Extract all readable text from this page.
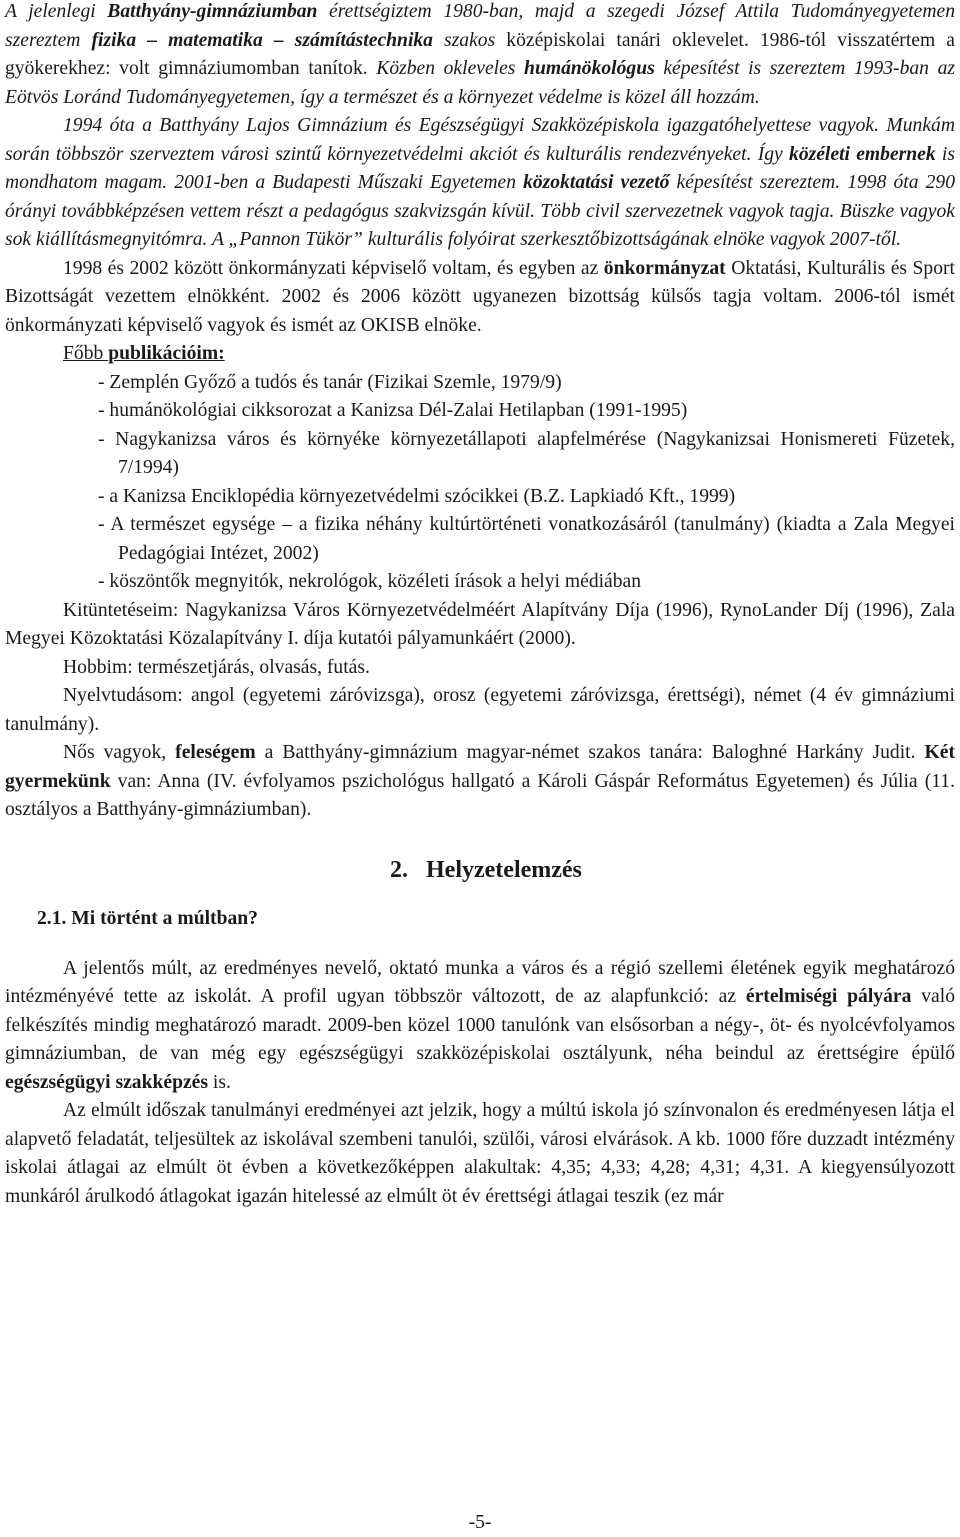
A jelenlegi Batthyány-gimnáziumban érettségiztem 1980-ban, majd a szegedi József Attila Tudományegyetemen szereztem fizika – matematika – számítástechnika szakos középiskolai tanári oklevelet. 1986-tól visszatértem a gyökerekhez: volt gimnáziumomban tanítok. Közben okleveles humánökológus képesítést is szereztem 1993-ban az Eötvös Loránd Tudományegyetemen, így a természet és a környezet védelme is közel áll hozzám.

1994 óta a Batthyány Lajos Gimnázium és Egészségügyi Szakközépiskola igazgatóhelyettese vagyok. Munkám során többször szerveztem városi szintű környezetvédelmi akciót és kulturális rendezvényeket. Így közéleti embernek is mondhatom magam. 2001-ben a Budapesti Műszaki Egyetemen közoktatási vezető képesítést szereztem. 1998 óta 290 órányi továbbképzésen vettem részt a pedagógus szakvizsgán kívül. Több civil szervezetnek vagyok tagja. Büszke vagyok sok kiállításmegnyitómra. A „Pannon Tükör” kulturális folyóirat szerkesztőbizottságának elnöke vagyok 2007-től.

1998 és 2002 között önkormányzati képviselő voltam, és egyben az önkormányzat Oktatási, Kulturális és Sport Bizottságát vezettem elnökként. 2002 és 2006 között ugyanezen bizottság külsős tagja voltam. 2006-tól ismét önkormányzati képviselő vagyok és ismét az OKISB elnöke.

Főbb publikációim:

- Zemplén Győző a tudós és tanár (Fizikai Szemle, 1979/9)
- humánökológiai cikksorozat a Kanizsa Dél-Zalai Hetilapban (1991-1995)
- Nagykanizsa város és környéke környezetállapoti alapfelmérése (Nagykanizsai Honismereti Füzetek, 7/1994)
- a Kanizsa Enciklopédia környezetvédelmi szócikkei (B.Z. Lapkiadó Kft., 1999)
- A természet egysége – a fizika néhány kultúrtörténeti vonatkozásáról (tanulmány) (kiadta a Zala Megyei Pedagógiai Intézet, 2002)
- köszöntők megnyitók, nekrológok, közéleti írások a helyi médiában

Kitüntetéseim: Nagykanizsa Város Környezetvédelméért Alapítvány Díja (1996), RynoLander Díj (1996), Zala Megyei Közoktatási Közalapítvány I. díja kutatói pályamunkáért (2000).

Hobbim: természetjárás, olvasás, futás.

Nyelvtudásom: angol (egyetemi záróvizsga), orosz (egyetemi záróvizsga, érettségi), német (4 év gimnáziumi tanulmány).

Nős vagyok, feleségem a Batthyány-gimnázium magyar-német szakos tanára: Baloghné Harkány Judit. Két gyermekünk van: Anna (IV. évfolyamos pszichológus hallgató a Károli Gáspár Református Egyetemen) és Júlia (11. osztályos a Batthyány-gimnáziumban).

2.   Helyzetelemzés
2.1. Mi történt a múltban?

A jelentős múlt, az eredményes nevelő, oktató munka a város és a régió szellemi életének egyik meghatározó intézményévé tette az iskolát. A profil ugyan többször változott, de az alapfunkció: az értelmiségi pályára való felkészítés mindig meghatározó maradt. 2009-ben közel 1000 tanulónk van elsősorban a négy-, öt- és nyolcévfolyamos gimnáziumban, de van még egy egészségügyi szakközépiskolai osztályunk, néha beindul az érettségire épülő egészségügyi szakképzés is.

Az elmúlt időszak tanulmányi eredményei azt jelzik, hogy a múltú iskola jó színvonalon és eredményesen látja el alapvető feladatát, teljesültek az iskolával szembeni tanulói, szülői, városi elvárások. A kb. 1000 főre duzzadt intézmény iskolai átlagai az elmúlt öt évben a következőképpen alakultak: 4,35; 4,33; 4,28; 4,31; 4,31. A kiegyensúlyozott munkáról árulkodó átlagokat igazán hitelessé az elmúlt öt év érettségi átlagai teszik (ez már

-5-
